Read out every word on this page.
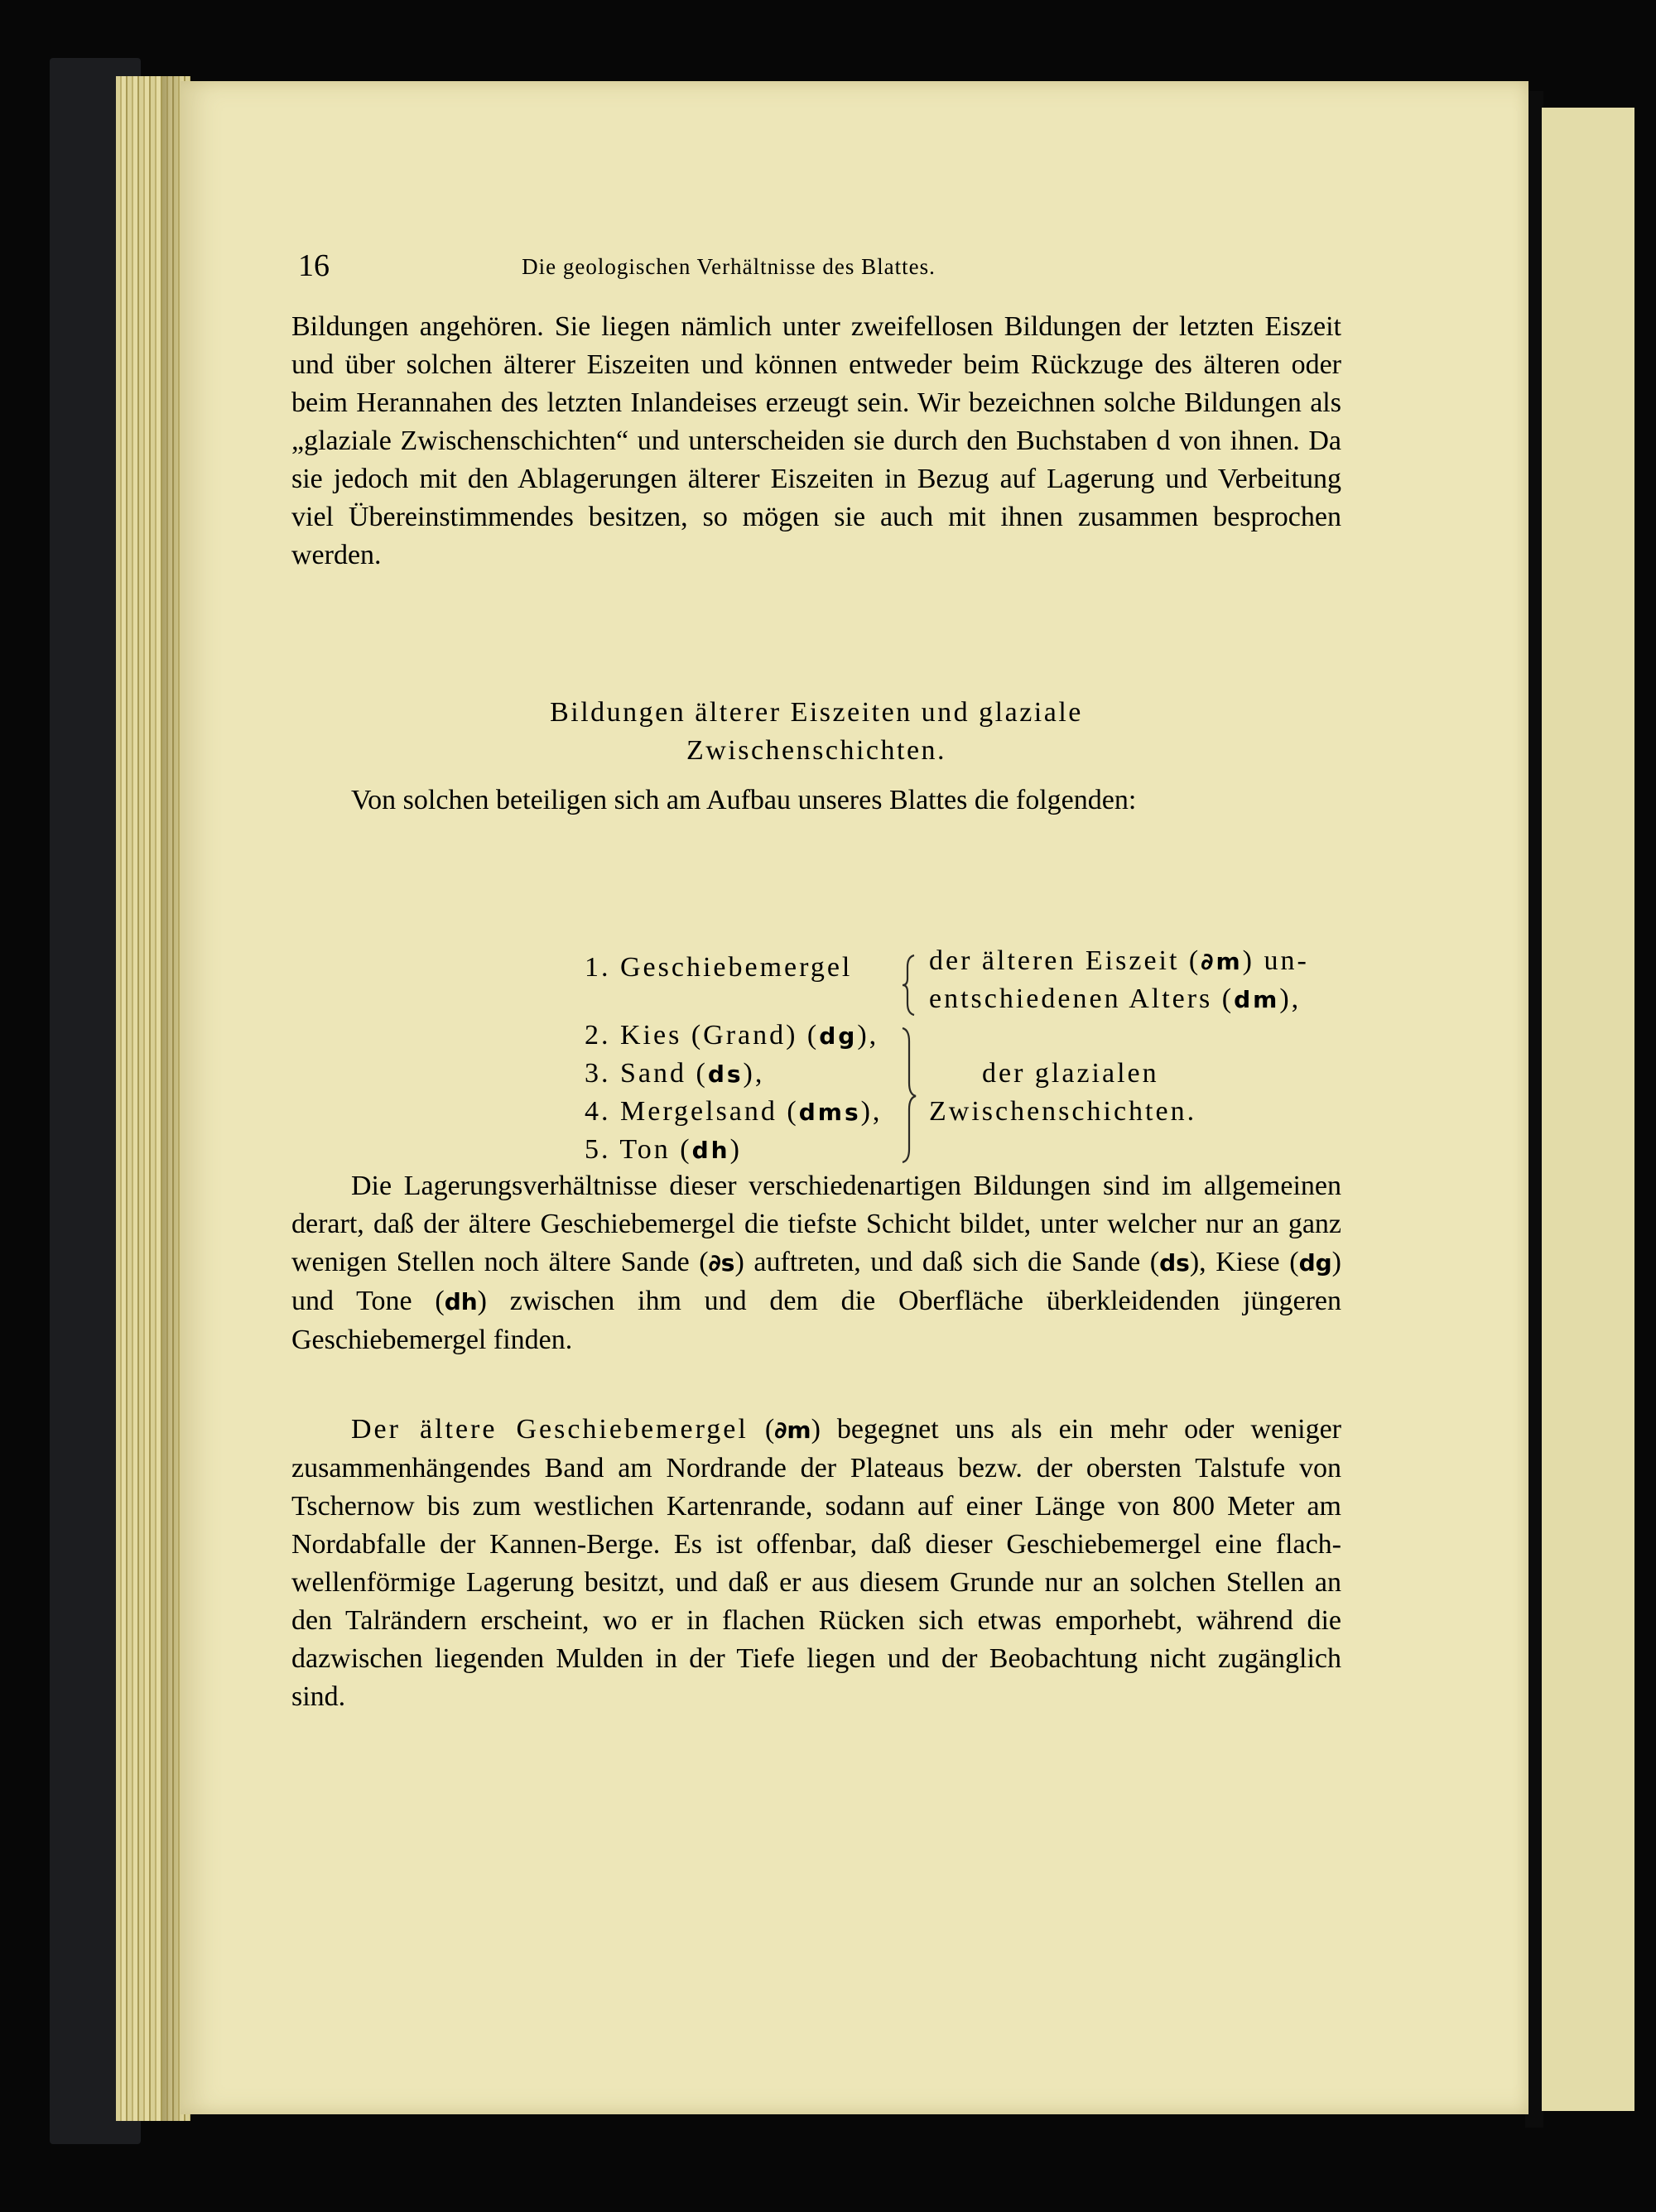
16	Die geologischen Verhältnisse des Blattes.

Bildungen angehören. Sie liegen nämlich unter zweifellosen Bildungen der letzten Eiszeit und über solchen älterer Eiszeiten und können entweder beim Rückzuge des älteren oder beim Herannahen des letzten Inlandeises erzeugt sein. Wir bezeichnen solche Bildungen als „glaziale Zwischenschichten“ und unterscheiden sie durch den Buchstaben d von ihnen. Da sie jedoch mit den Ablagerungen älterer Eiszeiten in Bezug auf Lagerung und Verbeitung viel Übereinstimmendes besitzen, so mögen sie auch mit ihnen zusammen besprochen werden.

Bildungen älterer Eiszeiten und glaziale
Zwischenschichten.

Von solchen beteiligen sich am Aufbau unseres Blattes die folgenden:

1. Geschiebemergel
2. Kies (Grand) (dg),
3. Sand (ds),
4. Mergelsand (dms),
5. Ton (dh)
der älteren Eiszeit (∂m) un-
entschiedenen Alters (dm),
der glazialen
Zwischenschichten.

Die Lagerungsverhältnisse dieser verschiedenartigen Bildungen sind im allgemeinen derart, daß der ältere Geschiebemergel die tiefste Schicht bildet, unter welcher nur an ganz wenigen Stellen noch ältere Sande (∂s) auftreten, und daß sich die Sande (ds), Kiese (dg) und Tone (dh) zwischen ihm und dem die Oberfläche überkleidenden jüngeren Geschiebemergel finden.

Der ältere Geschiebemergel (∂m) begegnet uns als ein mehr oder weniger zusammenhängendes Band am Nordrande der Plateaus bezw. der obersten Talstufe von Tschernow bis zum westlichen Kartenrande, sodann auf einer Länge von 800 Meter am Nordabfalle der Kannen-Berge. Es ist offenbar, daß dieser Geschiebemergel eine flach-wellenförmige Lagerung besitzt, und daß er aus diesem Grunde nur an solchen Stellen an den Talrändern erscheint, wo er in flachen Rücken sich etwas emporhebt, während die dazwischen liegenden Mulden in der Tiefe liegen und der Beobachtung nicht zugänglich sind.
